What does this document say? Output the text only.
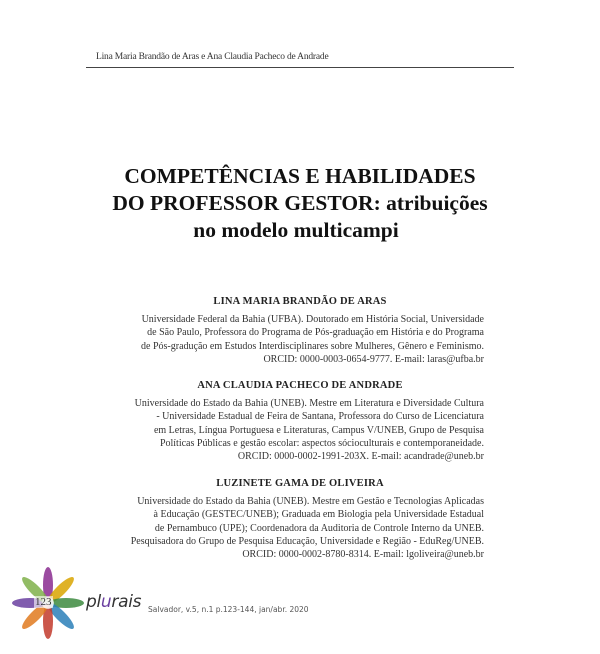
Lina Maria Brandão de Aras e Ana Claudia Pacheco de Andrade
COMPETÊNCIAS E HABILIDADES
DO PROFESSOR GESTOR: atribuições
no modelo multicampi
LINA MARIA BRANDÃO DE ARAS
Universidade Federal da Bahia (UFBA). Doutorado em História Social, Universidade
de São Paulo, Professora do Programa de Pós-graduação em História e do Programa
de Pós-gradução em Estudos Interdisciplinares sobre Mulheres, Gênero e Feminismo.
ORCID: 0000-0003-0654-9777. E-mail: laras@ufba.br
ANA CLAUDIA PACHECO DE ANDRADE
Universidade do Estado da Bahia (UNEB). Mestre em Literatura e Diversidade Cultura
- Universidade Estadual de Feira de Santana, Professora do Curso de Licenciatura
em Letras, Língua Portuguesa e Literaturas, Campus V/UNEB, Grupo de Pesquisa
Políticas Públicas e gestão escolar: aspectos sócioculturais e contemporaneidade.
ORCID: 0000-0002-1991-203X. E-mail: acandrade@uneb.br
LUZINETE GAMA DE OLIVEIRA
Universidade do Estado da Bahia (UNEB). Mestre em Gestão e Tecnologias Aplicadas
à Educação (GESTEC/UNEB); Graduada em Biologia pela Universidade Estadual
de Pernambuco (UPE); Coordenadora da Auditoria de Controle Interno da UNEB.
Pesquisadora do Grupo de Pesquisa Educação, Universidade e Região - EduReg/UNEB.
ORCID: 0000-0002-8780-8314. E-mail: lgoliveira@uneb.br
123 plurais Salvador, v.5, n.1 p.123-144, jan/abr. 2020
